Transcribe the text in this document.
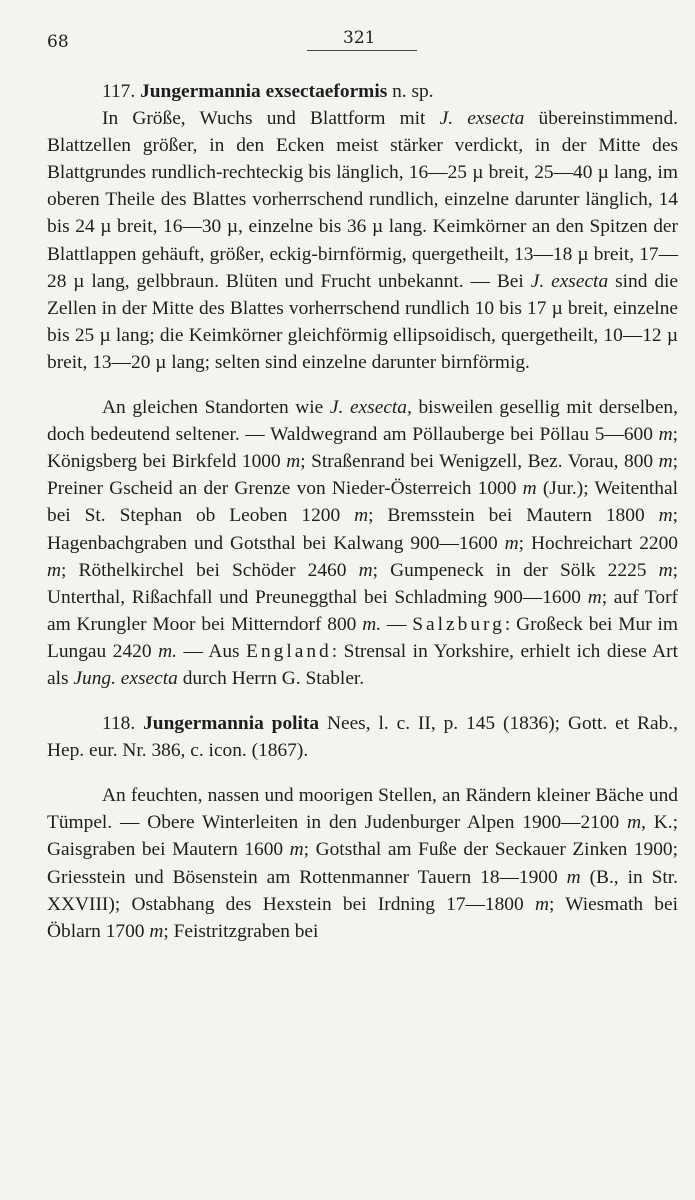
68	321

117. Jungermannia exsectaeformis n. sp.

In Größe, Wuchs und Blattform mit J. exsecta übereinstimmend. Blattzellen größer, in den Ecken meist stärker verdickt, in der Mitte des Blattgrundes rundlich-rechteckig bis länglich, 16—25 µ breit, 25—40 µ lang, im oberen Theile des Blattes vorherrschend rundlich, einzelne darunter länglich, 14 bis 24 µ breit, 16—30 µ, einzelne bis 36 µ lang. Keimkörner an den Spitzen der Blattlappen gehäuft, größer, eckig-birnförmig, quergetheilt, 13—18 µ breit, 17—28 µ lang, gelbbraun. Blüten und Frucht unbekannt. — Bei J. exsecta sind die Zellen in der Mitte des Blattes vorherrschend rundlich 10 bis 17 µ breit, einzelne bis 25 µ lang; die Keimkörner gleichförmig ellipsoidisch, quergetheilt, 10—12 µ breit, 13—20 µ lang; selten sind einzelne darunter birnförmig.

An gleichen Standorten wie J. exsecta, bisweilen gesellig mit derselben, doch bedeutend seltener. — Waldwegrand am Pöllauberge bei Pöllau 5—600 m; Königsberg bei Birkfeld 1000 m; Straßenrand bei Wenigzell, Bez. Vorau, 800 m; Preiner Gscheid an der Grenze von Nieder-Österreich 1000 m (Jur.); Weitenthal bei St. Stephan ob Leoben 1200 m; Bremsstein bei Mautern 1800 m; Hagenbachgraben und Gotsthal bei Kalwang 900—1600 m; Hochreichart 2200 m; Röthelkirchel bei Schöder 2460 m; Gumpeneck in der Sölk 2225 m; Unterthal, Rißachfall und Preuneggthal bei Schladming 900—1600 m; auf Torf am Krungler Moor bei Mitterndorf 800 m. — Salzburg: Großeck bei Mur im Lungau 2420 m. — Aus England: Strensal in Yorkshire, erhielt ich diese Art als Jung. exsecta durch Herrn G. Stabler.

118. Jungermannia polita Nees, l. c. II, p. 145 (1836); Gott. et Rab., Hep. eur. Nr. 386, c. icon. (1867).

An feuchten, nassen und moorigen Stellen, an Rändern kleiner Bäche und Tümpel. — Obere Winterleiten in den Judenburger Alpen 1900—2100 m, K.; Gaisgraben bei Mautern 1600 m; Gotsthal am Fuße der Seckauer Zinken 1900; Griesstein und Bösenstein am Rottenmanner Tauern 18—1900 m (B., in Str. XXVIII); Ostabhang des Hexstein bei Irdning 17—1800 m; Wiesmath bei Öblarn 1700 m; Feistritzgraben bei
